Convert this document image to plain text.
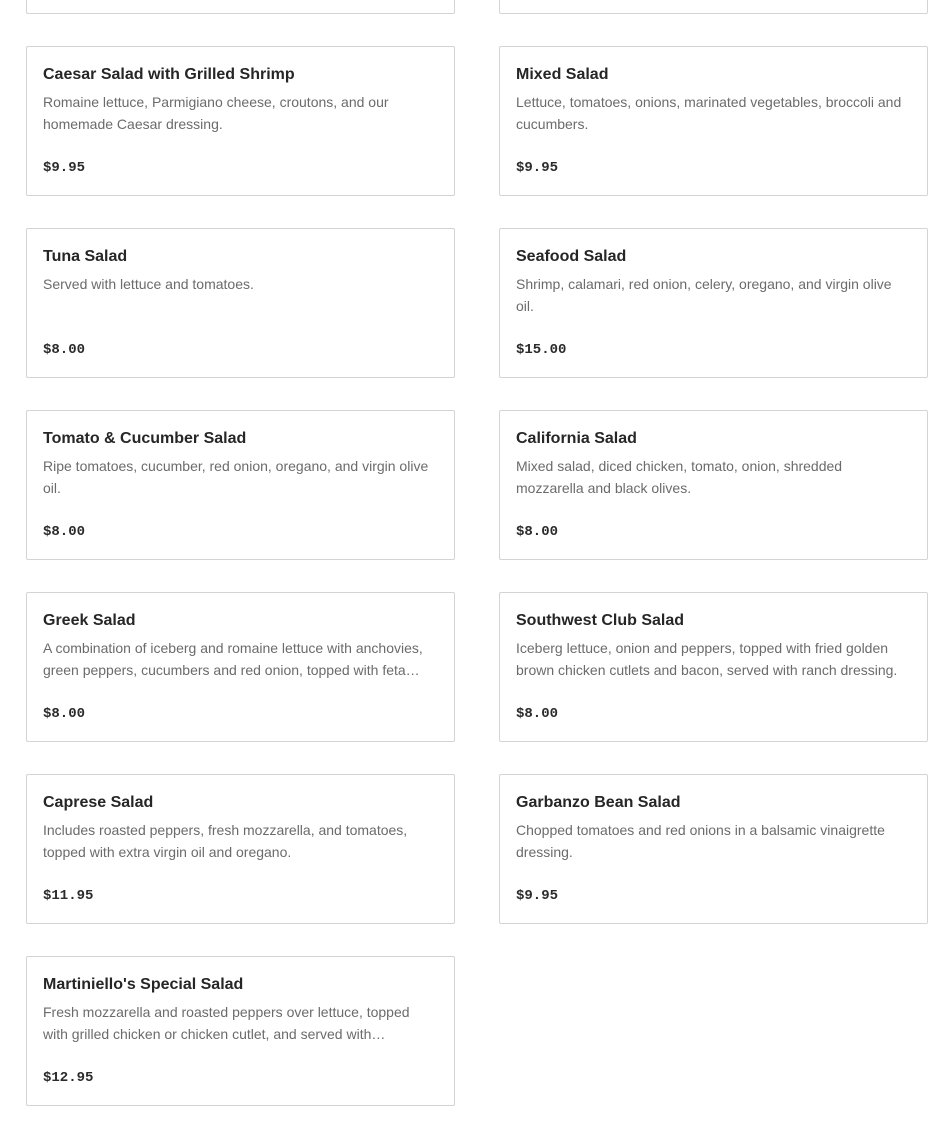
Caesar Salad with Grilled Shrimp
Romaine lettuce, Parmigiano cheese, croutons, and our homemade Caesar dressing.
$9.95
Mixed Salad
Lettuce, tomatoes, onions, marinated vegetables, broccoli and cucumbers.
$9.95
Tuna Salad
Served with lettuce and tomatoes.
$8.00
Seafood Salad
Shrimp, calamari, red onion, celery, oregano, and virgin olive oil.
$15.00
Tomato & Cucumber Salad
Ripe tomatoes, cucumber, red onion, oregano, and virgin olive oil.
$8.00
California Salad
Mixed salad, diced chicken, tomato, onion, shredded mozzarella and black olives.
$8.00
Greek Salad
A combination of iceberg and romaine lettuce with anchovies, green peppers, cucumbers and red onion, topped with feta…
$8.00
Southwest Club Salad
Iceberg lettuce, onion and peppers, topped with fried golden brown chicken cutlets and bacon, served with ranch dressing.
$8.00
Caprese Salad
Includes roasted peppers, fresh mozzarella, and tomatoes, topped with extra virgin oil and oregano.
$11.95
Garbanzo Bean Salad
Chopped tomatoes and red onions in a balsamic vinaigrette dressing.
$9.95
Martiniello's Special Salad
Fresh mozzarella and roasted peppers over lettuce, topped with grilled chicken or chicken cutlet, and served with…
$12.95
